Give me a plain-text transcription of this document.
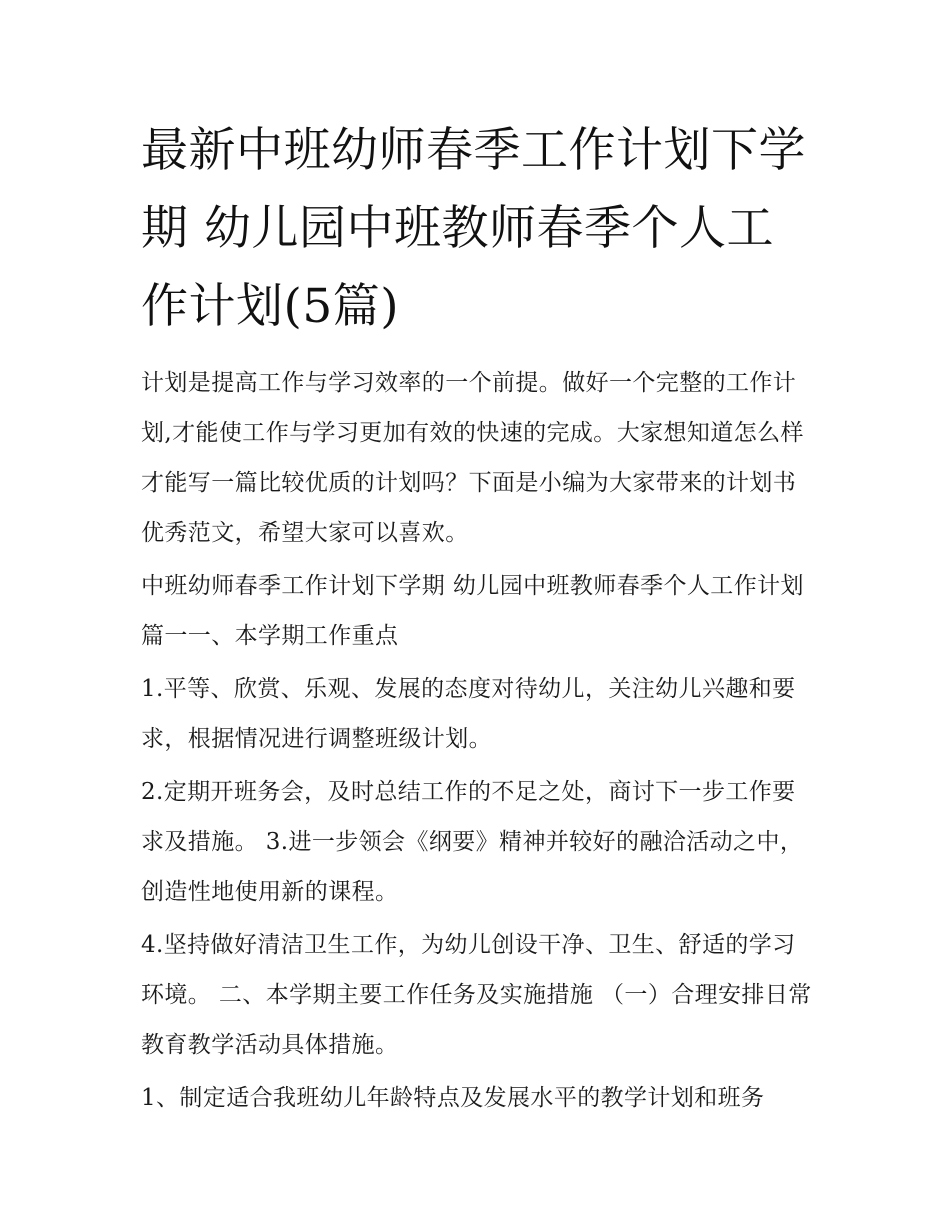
最新中班幼师春季工作计划下学期 幼儿园中班教师春季个人工作计划(5篇)

计划是提高工作与学习效率的一个前提。做好一个完整的工作计划,才能使工作与学习更加有效的快速的完成。大家想知道怎么样才能写一篇比较优质的计划吗？下面是小编为大家带来的计划书优秀范文，希望大家可以喜欢。

中班幼师春季工作计划下学期 幼儿园中班教师春季个人工作计划篇一一、本学期工作重点

1.平等、欣赏、乐观、发展的态度对待幼儿，关注幼儿兴趣和要求，根据情况进行调整班级计划。

2.定期开班务会，及时总结工作的不足之处，商讨下一步工作要求及措施。 3.进一步领会《纲要》精神并较好的融洽活动之中，创造性地使用新的课程。

4.坚持做好清洁卫生工作，为幼儿创设干净、卫生、舒适的学习环境。 二、本学期主要工作任务及实施措施 （一）合理安排日常教育教学活动具体措施。

1、制定适合我班幼儿年龄特点及发展水平的教学计划和班务
